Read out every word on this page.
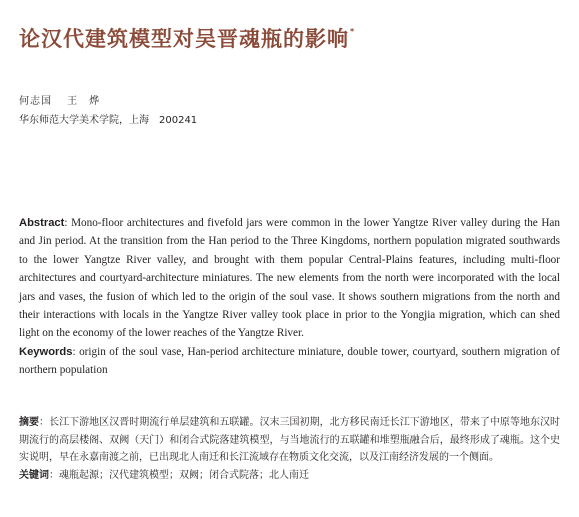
论汉代建筑模型对吴晋魂瓶的影响*
何志国　 王　烨
华东师范大学美术学院，上海　200241

Abstract: Mono-floor architectures and fivefold jars were common in the lower Yangtze River valley during the Han and Jin period. At the transition from the Han period to the Three Kingdoms, northern population migrated southwards to the lower Yangtze River valley, and brought with them popular Central-Plains features, including multi-floor architectures and courtyard-architecture miniatures. The new elements from the north were incorporated with the local jars and vases, the fusion of which led to the origin of the soul vase. It shows southern migrations from the north and their interactions with locals in the Yangtze River valley took place in prior to the Yongjia migration, which can shed light on the economy of the lower reaches of the Yangtze River.

Keywords: origin of the soul vase, Han-period architecture miniature, double tower, courtyard, southern migration of northern population

摘要：长江下游地区汉晋时期流行单层建筑和五联罐。汉末三国初期，北方移民南迁长江下游地区，带来了中原等地东汉时期流行的高层楼阁、双阙（天门）和闭合式院落建筑模型，与当地流行的五联罐和堆塑瓶融合后，最终形成了魂瓶。这个史实说明，早在永嘉南渡之前，已出现北人南迁和长江流域存在物质文化交流，以及江南经济发展的一个侧面。

关键词：魂瓶起源；汉代建筑模型；双阙；闭合式院落；北人南迁
